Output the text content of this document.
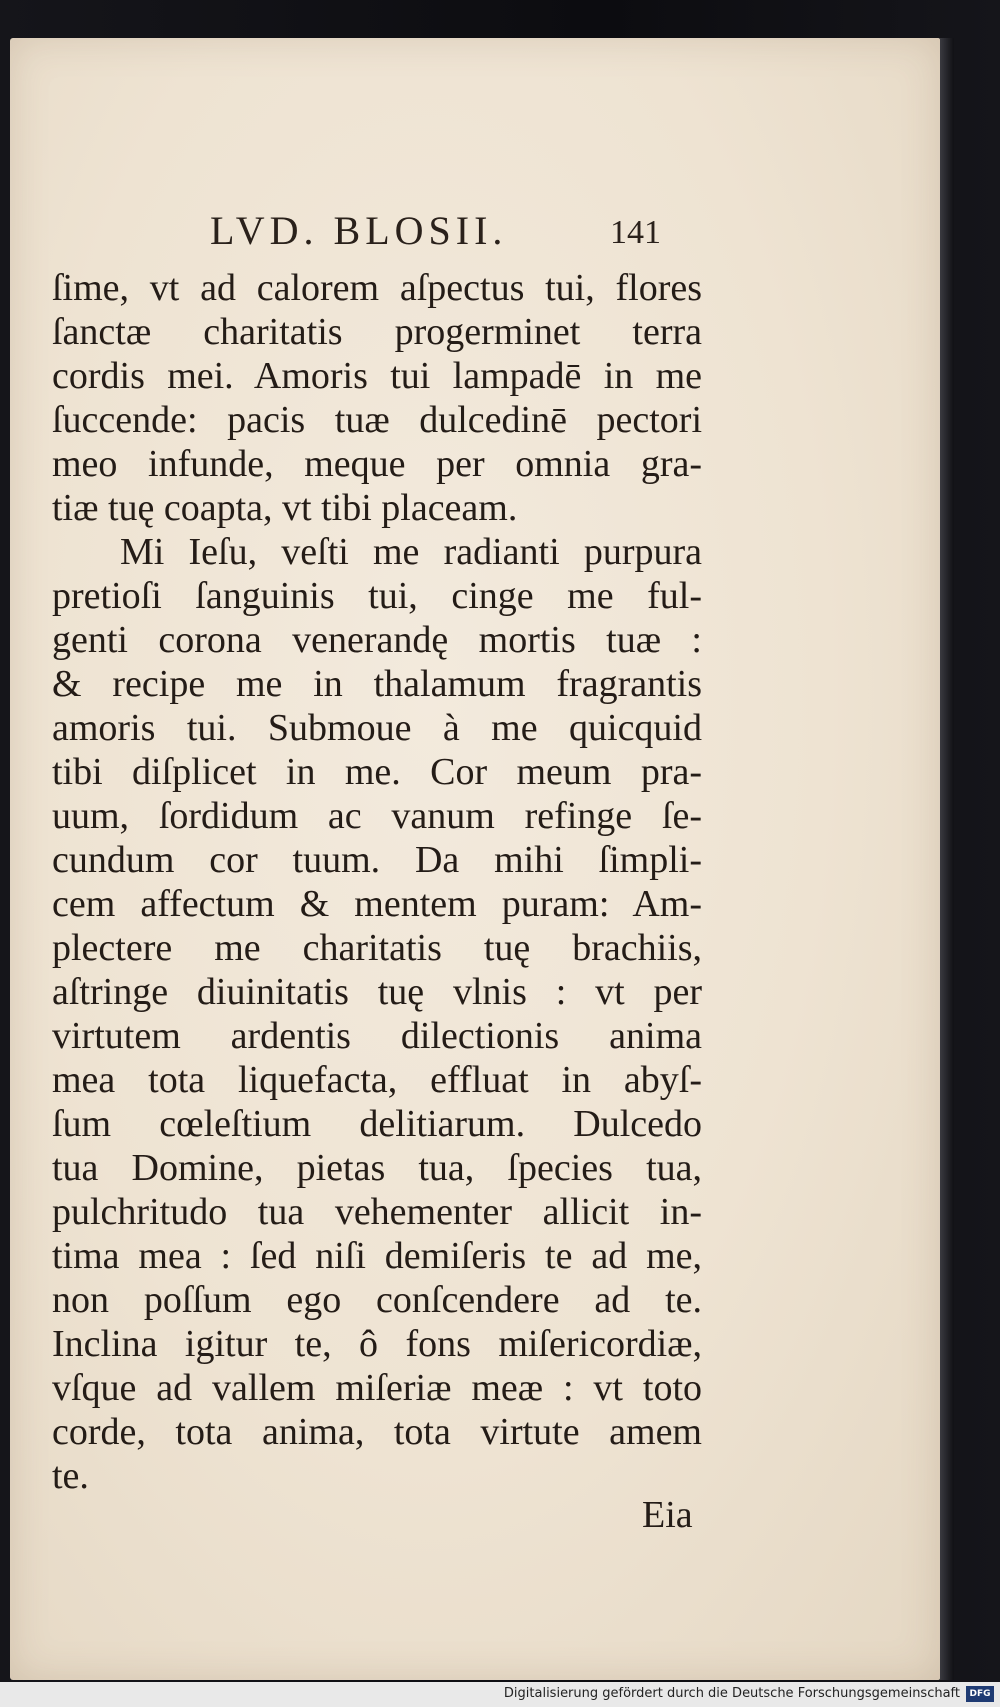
LVD. BLOSII.	141
ſime, vt ad calorem aſpectus tui, flores
ſanctæ charitatis progerminet terra
cordis mei. Amoris tui lampadē in me
ſuccende: pacis tuæ dulcedinē pectori
meo infunde, meque per omnia gra-
tiæ tuę coapta, vt tibi placeam.
Mi Ieſu, veſti me radianti purpura
pretioſi ſanguinis tui, cinge me ful-
genti corona venerandę mortis tuæ :
& recipe me in thalamum fragrantis
amoris tui. Submoue à me quicquid
tibi diſplicet in me. Cor meum pra-
uum, ſordidum ac vanum refinge ſe-
cundum cor tuum. Da mihi ſimpli-
cem affectum & mentem puram: Am-
plectere me charitatis tuę brachiis,
aſtringe diuinitatis tuę vlnis : vt per
virtutem ardentis dilectionis anima
mea tota liquefacta, effluat in abyſ-
ſum cœleſtium delitiarum. Dulcedo
tua Domine, pietas tua, ſpecies tua,
pulchritudo tua vehementer allicit in-
tima mea : ſed niſi demiſeris te ad me,
non poſſum ego conſcendere ad te.
Inclina igitur te, ô fons miſericordiæ,
vſque ad vallem miſeriæ meæ : vt toto
corde, tota anima, tota virtute amem
te.
Eia
Digitalisierung gefördert durch die Deutsche Forschungsgemeinschaft	DFG
